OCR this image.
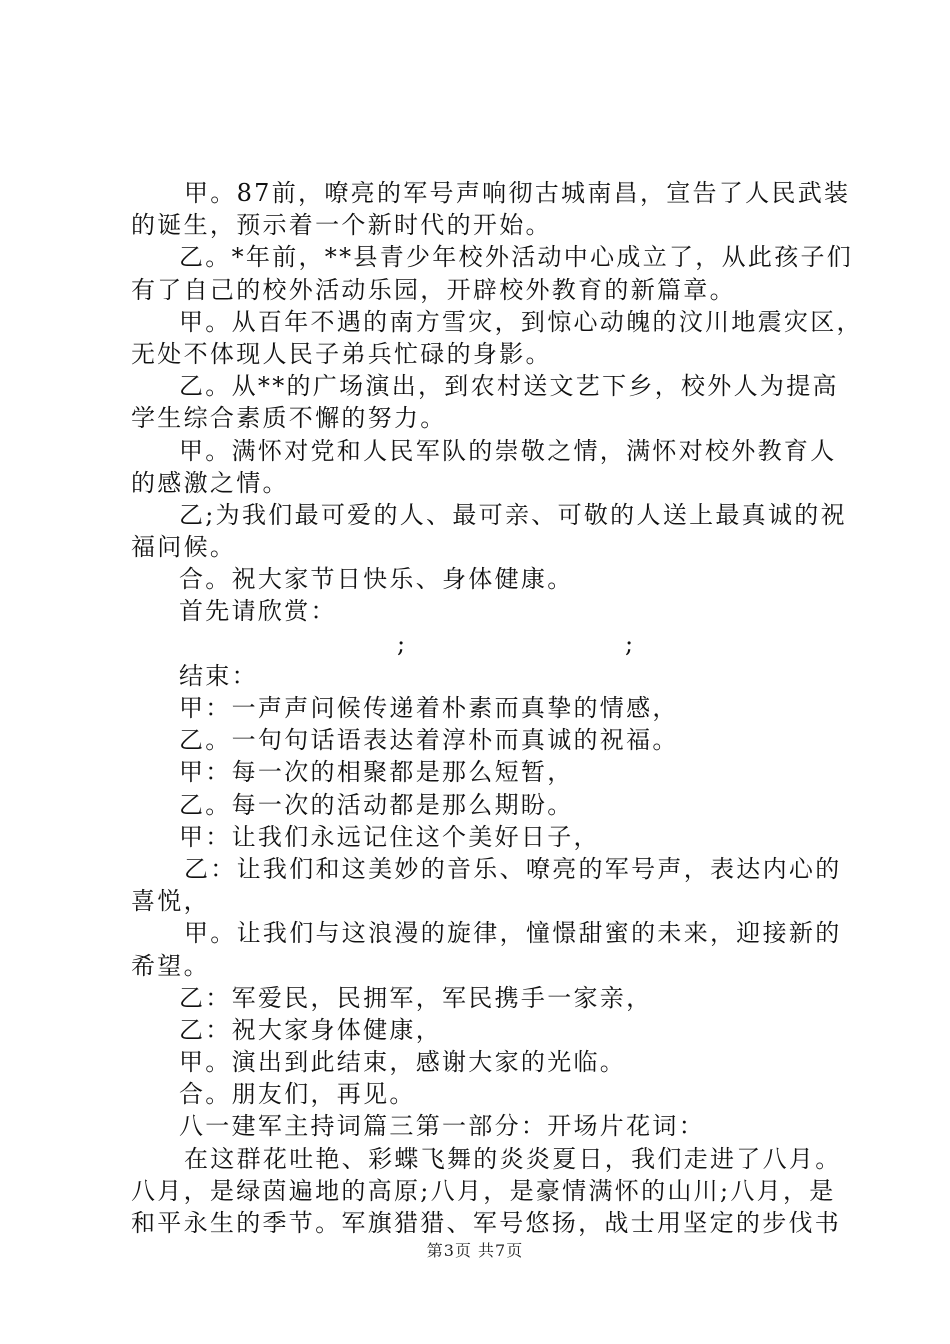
甲。87前，嘹亮的军号声响彻古城南昌，宣告了人民武装
的诞生，预示着一个新时代的开始。
乙。*年前，**县青少年校外活动中心成立了，从此孩子们
有了自己的校外活动乐园，开辟校外教育的新篇章。
甲。从百年不遇的南方雪灾，到惊心动魄的汶川地震灾区，
无处不体现人民子弟兵忙碌的身影。
乙。从**的广场演出，到农村送文艺下乡，校外人为提高
学生综合素质不懈的努力。
甲。满怀对党和人民军队的崇敬之情，满怀对校外教育人
的感激之情。
乙;为我们最可爱的人、最可亲、可敬的人送上最真诚的祝
福问候。
合。祝大家节日快乐、身体健康。
首先请欣赏：
;	;
结束：
甲：一声声问候传递着朴素而真挚的情感，
乙。一句句话语表达着淳朴而真诚的祝福。
甲：每一次的相聚都是那么短暂，
乙。每一次的活动都是那么期盼。
甲：让我们永远记住这个美好日子，
乙：让我们和这美妙的音乐、嘹亮的军号声，表达内心的
喜悦，
甲。让我们与这浪漫的旋律，憧憬甜蜜的未来，迎接新的
希望。
乙：军爱民，民拥军，军民携手一家亲，
乙：祝大家身体健康，
甲。演出到此结束，感谢大家的光临。
合。朋友们，再见。
八一建军主持词篇三第一部分：开场片花词：
在这群花吐艳、彩蝶飞舞的炎炎夏日，我们走进了八月。
八月，是绿茵遍地的高原;八月，是豪情满怀的山川;八月，是
和平永生的季节。军旗猎猎、军号悠扬，战士用坚定的步伐书
第3页 共7页
